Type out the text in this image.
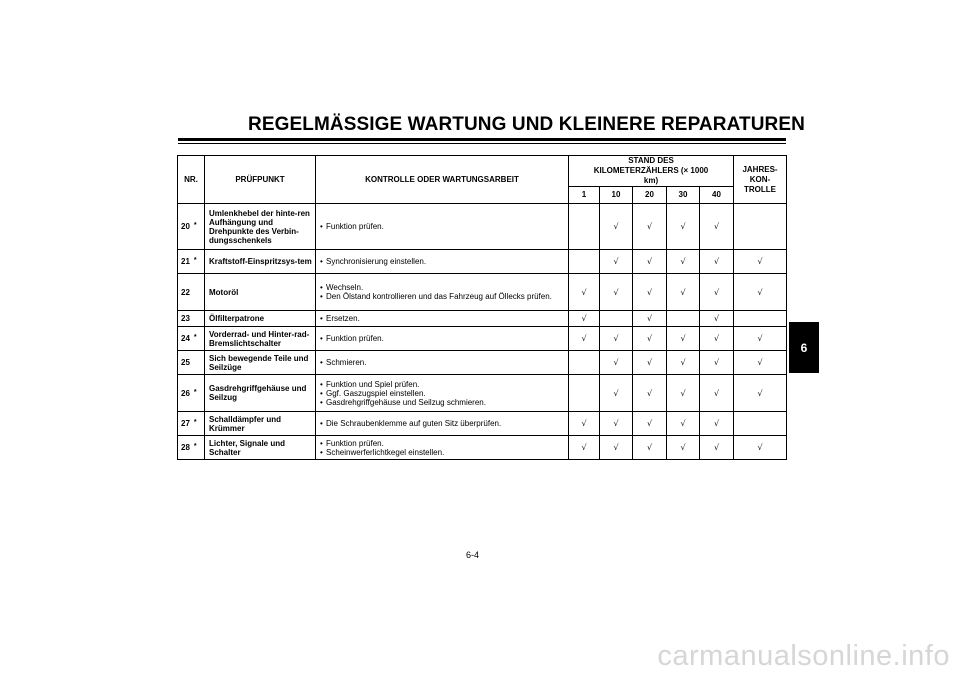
REGELMÄSSIGE WARTUNG UND KLEINERE REPARATUREN
NR.	PRÜFPUNKT	KONTROLLE ODER WARTUNGSARBEIT	STAND DES KILOMETERZÄHLERS (× 1000 km)					JAHRES-KON-TROLLE
			1	10	20	30	40	

20 *	Umlenkhebel der hinte-ren Aufhängung und Drehpunkte des Verbin-dungsschenkels	• Funktion prüfen.		√	√	√	√	

21 *	Kraftstoff-Einspritzsys-tem	• Synchronisierung einstellen.		√	√	√	√	√

22	Motoröl	• Wechseln.
• Den Ölstand kontrollieren und das Fahrzeug auf Öllecks prüfen.	√	√	√	√	√	√

23	Ölfilterpatrone	• Ersetzen.	√		√		√	

24 *	Vorderrad- und Hinter-rad-Bremslichtschalter	• Funktion prüfen.	√	√	√	√	√	√

25	Sich bewegende Teile und Seilzüge	• Schmieren.		√	√	√	√	√

26 *	Gasdrehgriffgehäuse und Seilzug	• Funktion und Spiel prüfen.
• Ggf. Gaszugspiel einstellen.
• Gasdrehgriffgehäuse und Seilzug schmieren.		√	√	√	√	√

27 *	Schalldämpfer und Krümmer	• Die Schraubenklemme auf guten Sitz überprüfen.	√	√	√	√	√	

28 *	Lichter, Signale und Schalter	• Funktion prüfen.
• Scheinwerferlichtkegel einstellen.	√	√	√	√	√	√
6
6-4
carmanualsonline.info
